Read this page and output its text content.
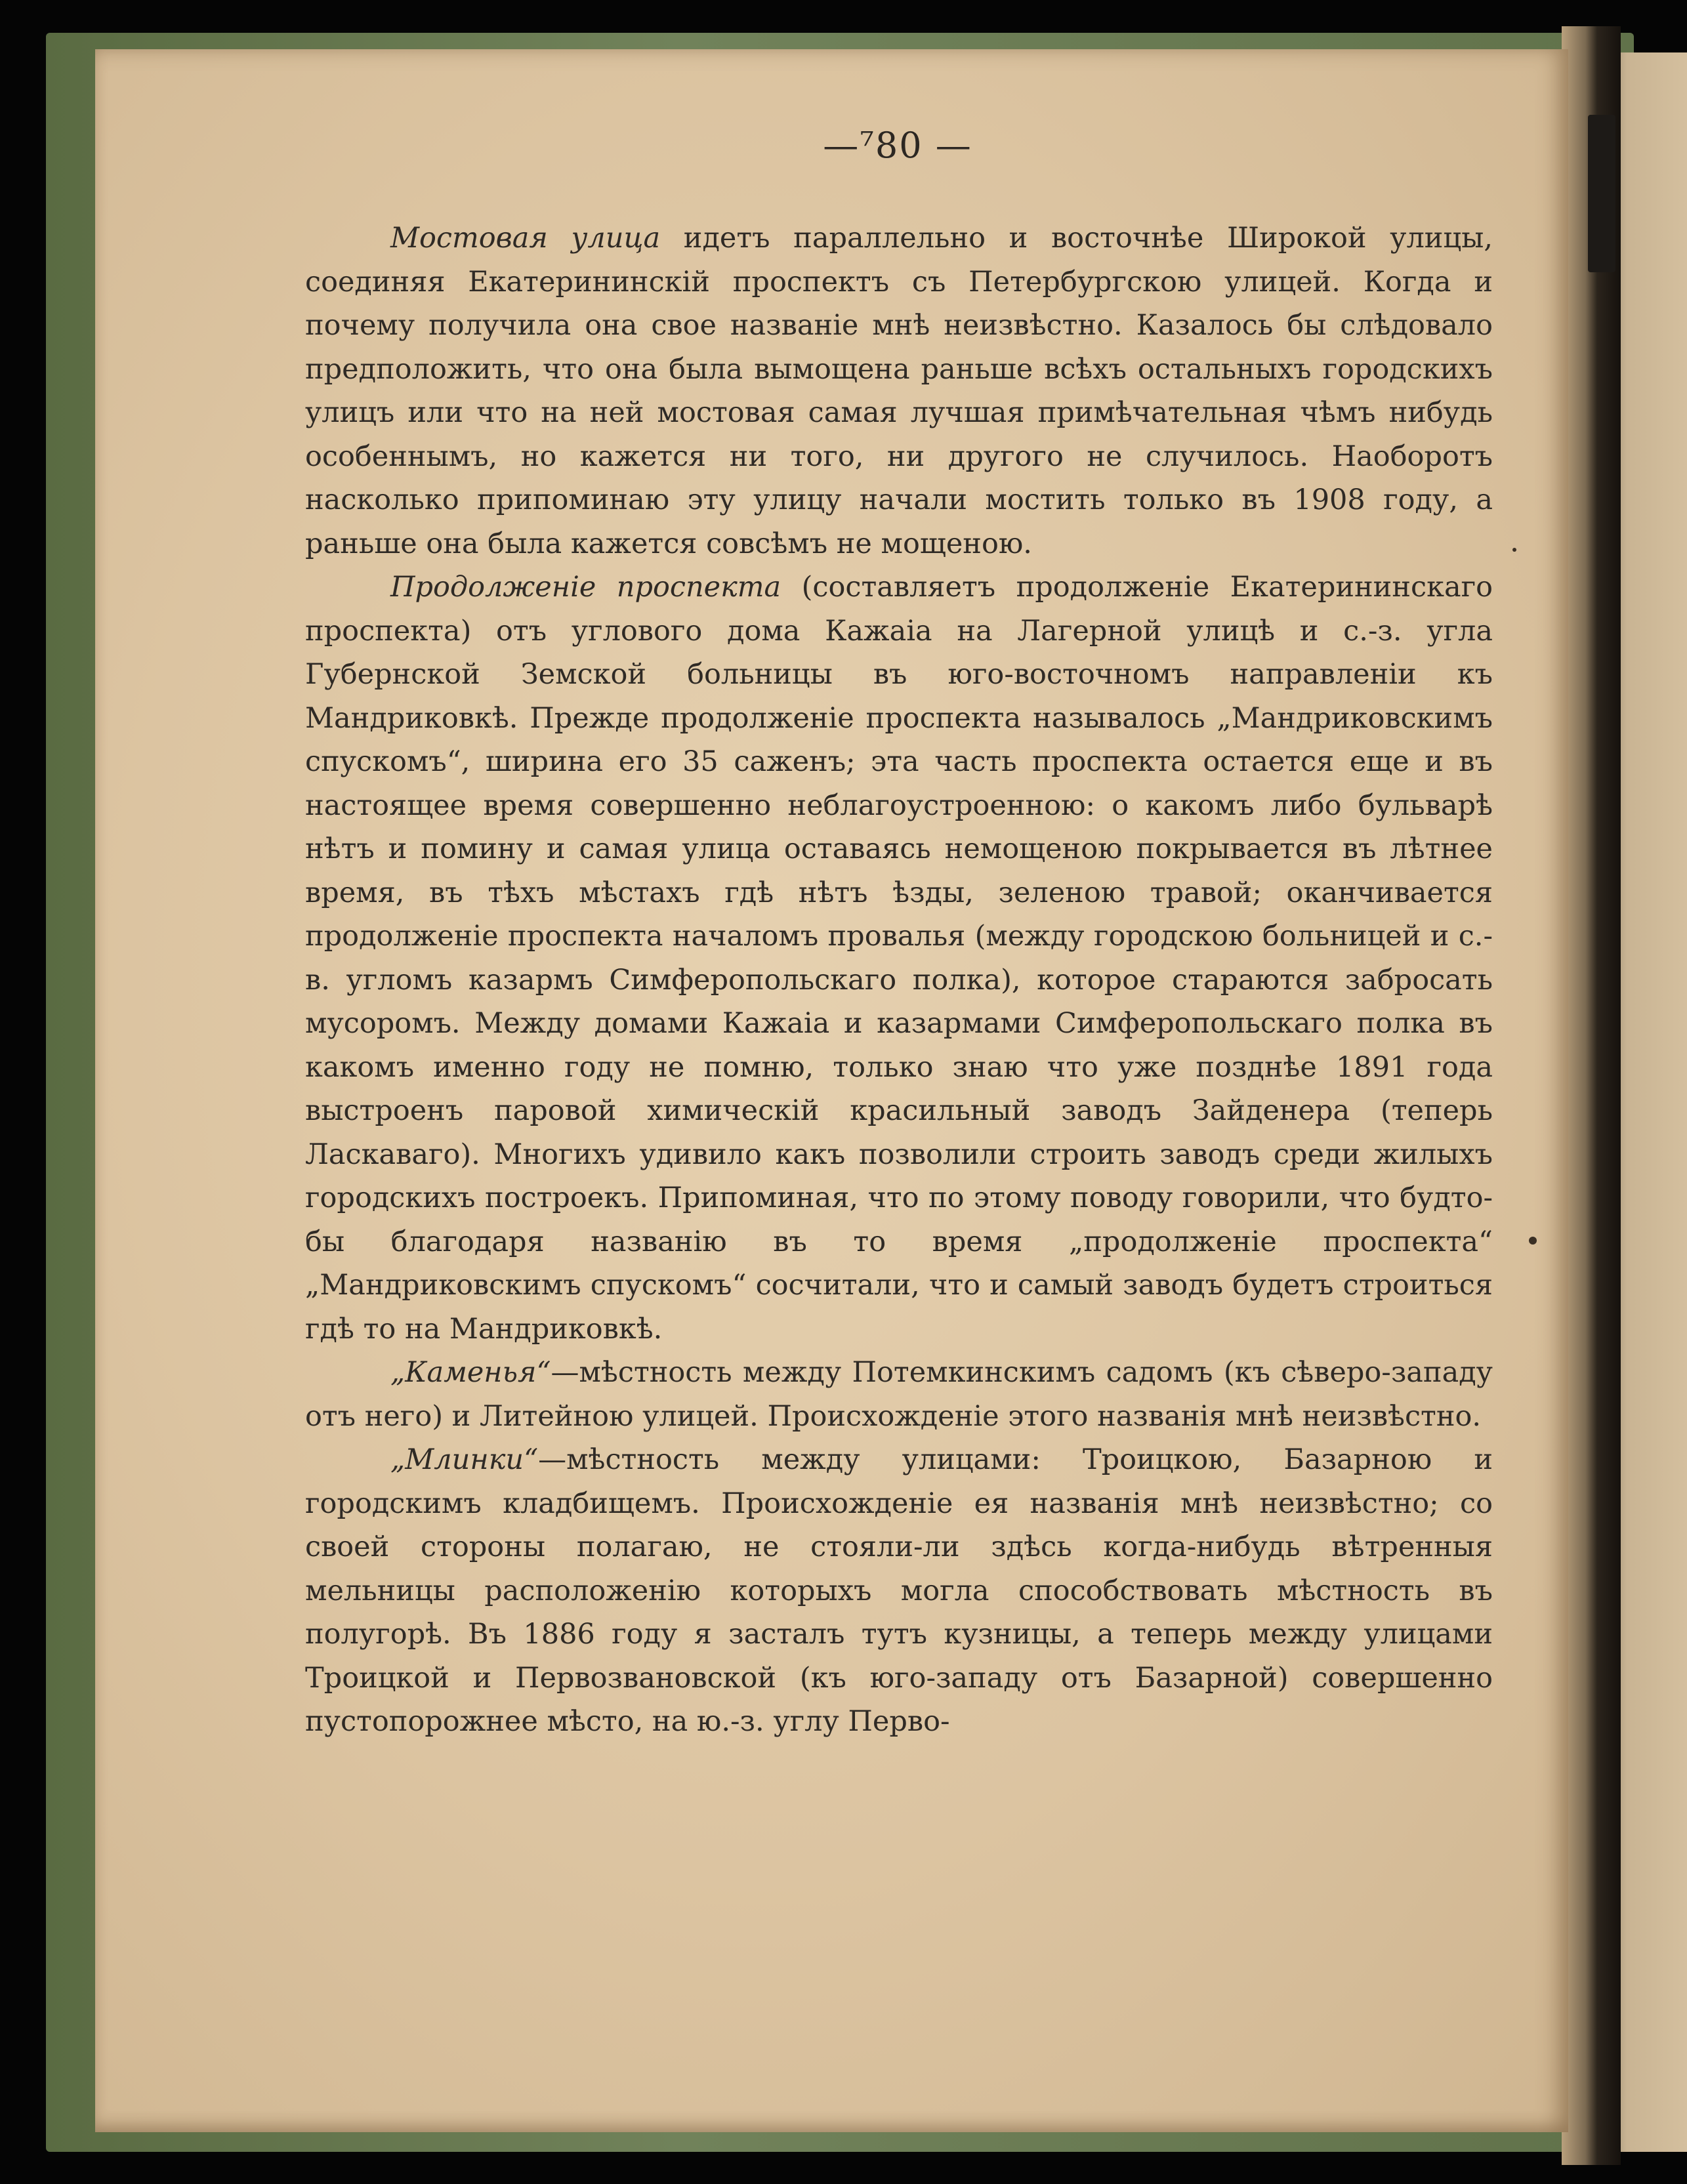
—⁷80 —

Мостовая улица идетъ параллельно и восточнѣе Широкой улицы, соединяя Екатерининскій проспектъ съ Петербургскою улицей. Когда и почему получила она свое названіе мнѣ неизвѣстно. Казалось бы слѣдовало предположить, что она была вымощена раньше всѣхъ остальныхъ городскихъ улицъ или что на ней мостовая самая лучшая примѣчательная чѣмъ нибудь особеннымъ, но кажется ни того, ни другого не случилось. Наоборотъ насколько припоминаю эту улицу начали мостить только въ 1908 году, а раньше она была кажется совсѣмъ не мощеною.

Продолженіе проспекта (составляетъ продолженіе Екатерининскаго проспекта) отъ углового дома Кажаіа на Лагерной улицѣ и с.-з. угла Губернской Земской больницы въ юго-восточномъ направленіи къ Мандриковкѣ. Прежде продолженіе проспекта называлось „Мандриковскимъ спускомъ“, ширина его 35 саженъ; эта часть проспекта остается еще и въ настоящее время совершенно неблагоустроенною: о какомъ либо бульварѣ нѣтъ и помину и самая улица оставаясь немощеною покрывается въ лѣтнее время, въ тѣхъ мѣстахъ гдѣ нѣтъ ѣзды, зеленою травой; оканчивается продолженіе проспекта началомъ провалья (между городскою больницей и с.-в. угломъ казармъ Симферопольскаго полка), которое стараются забросать мусоромъ. Между домами Кажаіа и казармами Симферопольскаго полка въ какомъ именно году не помню, только знаю что уже позднѣе 1891 года выстроенъ паровой химическій красильный заводъ Зайденера (теперь Ласкаваго). Многихъ удивило какъ позволили строить заводъ среди жилыхъ городскихъ построекъ. Припоминая, что по этому поводу говорили, что будто-бы благодаря названію въ то время „продолженіе проспекта“ „Мандриковскимъ спускомъ“ сосчитали, что и самый заводъ будетъ строиться гдѣ то на Мандриковкѣ.

„Каменья“—мѣстность между Потемкинскимъ садомъ (къ сѣверо-западу отъ него) и Литейною улицей. Происхожденіе этого названія мнѣ неизвѣстно.

„Млинки“—мѣстность между улицами: Троицкою, Базарною и городскимъ кладбищемъ. Происхожденіе ея названія мнѣ неизвѣстно; со своей стороны полагаю, не стояли-ли здѣсь когда-нибудь вѣтренныя мельницы расположенію которыхъ могла способствовать мѣстность въ полугорѣ. Въ 1886 году я засталъ тутъ кузницы, а теперь между улицами Троицкой и Первозвановской (къ юго-западу отъ Базарной) совершенно пустопорожнее мѣсто, на ю.-з. углу Перво-
